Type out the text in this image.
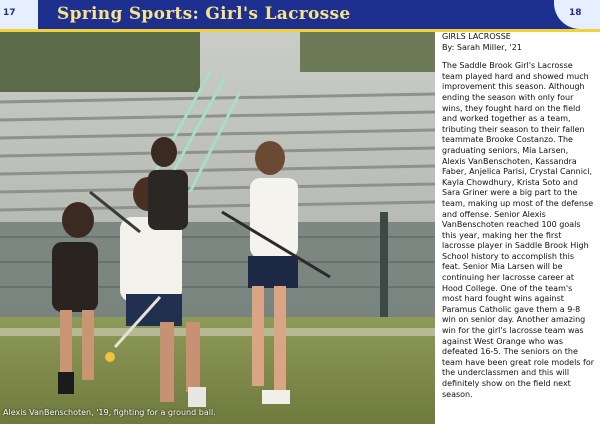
17	18
Spring Sports: Girl's Lacrosse
Alexis VanBenschoten, '19, fighting for a ground ball.

GIRLS LACROSSE

By: Sarah Miller, '21

The Saddle Brook Girl's Lacrosse team played hard and showed much improvement this season. Although ending the season with only four wins, they fought hard on the field and worked together as a team, tributing their season to their fallen teammate Brooke Costanzo. The graduating seniors, Mia Larsen, Alexis VanBenschoten, Kassandra Faber, Anjelica Parisi, Crystal Cannici, Kayla Chowdhury, Krista Soto and Sara Griner were a big part to the team, making up most of the defense and offense. Senior Alexis VanBenschoten reached 100 goals this year, making her the first lacrosse player in Saddle Brook High School history to accomplish this feat. Senior Mia Larsen will be continuing her lacrosse career at Hood College. One of the team's most hard fought wins against Paramus Catholic gave them a 9-8 win on senior day. Another amazing win for the girl's lacrosse team was against West Orange who was defeated 16-5. The seniors on the team have been great role models for the underclassmen and this will definitely show on the field next season.
